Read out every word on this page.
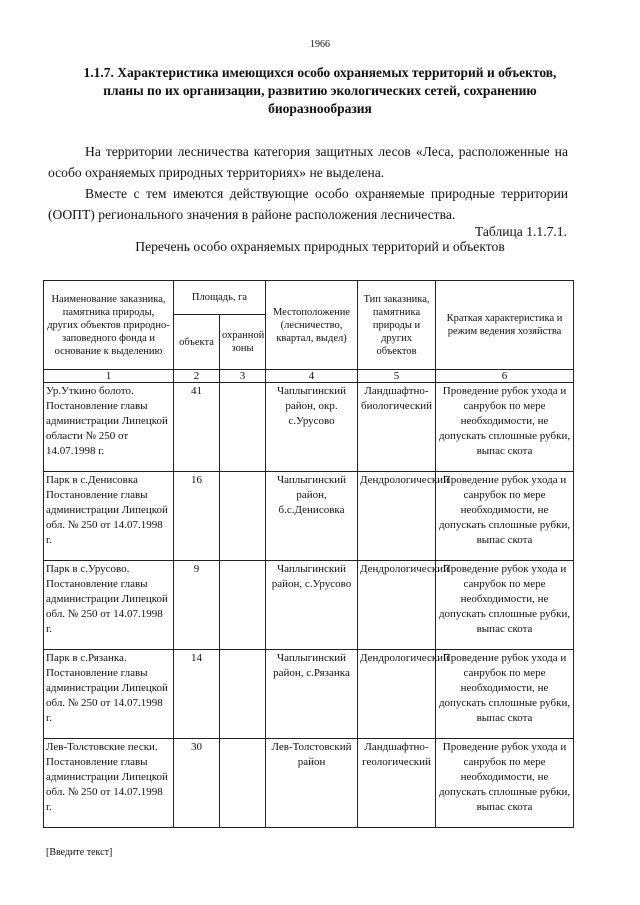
1966
1.1.7. Характеристика имеющихся особо охраняемых территорий и объектов, планы по их организации, развитию экологических сетей, сохранению биоразнообразия

На территории лесничества категория защитных лесов «Леса, расположенные на особо охраняемых природных территориях» не выделена.

Вместе с тем имеются действующие особо охраняемые природные территории (ООПТ) регионального значения в районе расположения лесничества.

Таблица 1.1.7.1.
Перечень особо охраняемых природных территорий и объектов
Наименование заказника, памятника природы, других объектов природно-заповедного фонда и основание к выделению	Площадь, га		Местоположение (лесничество, квартал, выдел)	Тип заказника, памятника природы и других объектов	Краткая характеристика и режим ведения хозяйства
	объекта	охранной зоны			
1	2	3	4	5	6
Ур.Уткино болото. Постановление главы администрации Липецкой области № 250 от 14.07.1998 г.	41		Чаплыгинский район, окр. с.Урусово	Ландшафтно-биологический	Проведение рубок ухода и санрубок по мере необходимости, не допускать сплошные рубки, выпас скота
Парк в с.Денисовка Постановление главы администрации Липецкой обл. № 250 от 14.07.1998 г.	16		Чаплыгинский район, б.с.Денисовка	Дендрологический	Проведение рубок ухода и санрубок по мере необходимости, не допускать сплошные рубки, выпас скота
Парк в с.Урусово. Постановление главы администрации Липецкой обл. № 250 от 14.07.1998 г.	9		Чаплыгинский район, с.Урусово	Дендрологический	Проведение рубок ухода и санрубок по мере необходимости, не допускать сплошные рубки, выпас скота
Парк в с.Рязанка. Постановление главы администрации Липецкой обл. № 250 от 14.07.1998 г.	14		Чаплыгинский район, с.Рязанка	Дендрологический	Проведение рубок ухода и санрубок по мере необходимости, не допускать сплошные рубки, выпас скота
Лев-Толстовские пески. Постановление главы администрации Липецкой обл. № 250 от 14.07.1998 г.	30		Лев-Толстовский район	Ландшафтно-геологический	Проведение рубок ухода и санрубок по мере необходимости, не допускать сплошные рубки, выпас скота
[Введите текст]
